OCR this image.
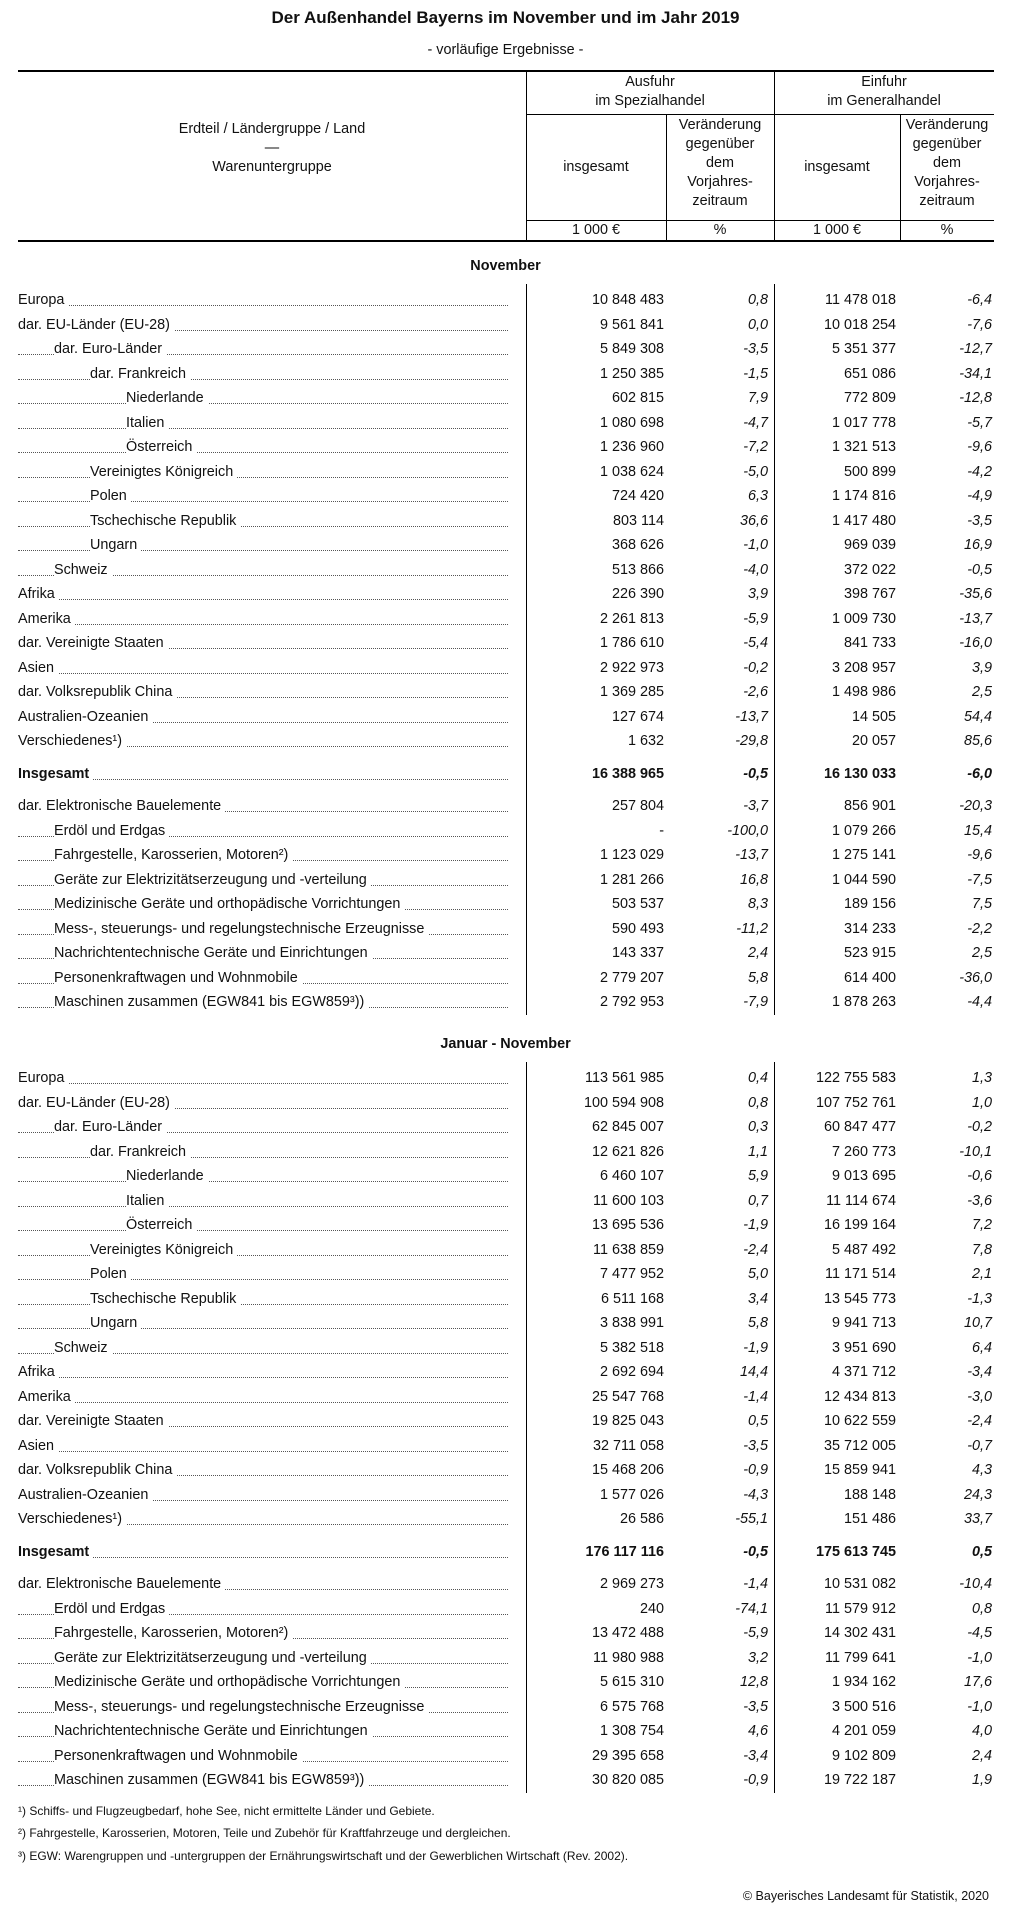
Der Außenhandel Bayerns im November und im Jahr 2019
- vorläufige Ergebnisse -
Erdteil / Ländergruppe / Land
—
Warenuntergruppe
Ausfuhr
im Spezialhandel
Einfuhr
im Generalhandel
insgesamt
Veränderung
gegenüber
dem
Vorjahres-
zeitraum
insgesamt
Veränderung
gegenüber
dem
Vorjahres-
zeitraum
1 000 €	%	1 000 €	%
November
Europa	10 848 483	0,8	11 478 018	-6,4
dar. EU-Länder (EU-28)	9 561 841	0,0	10 018 254	-7,6
dar. Euro-Länder	5 849 308	-3,5	5 351 377	-12,7
dar. Frankreich	1 250 385	-1,5	651 086	-34,1
Niederlande	602 815	7,9	772 809	-12,8
Italien	1 080 698	-4,7	1 017 778	-5,7
Österreich	1 236 960	-7,2	1 321 513	-9,6
Vereinigtes Königreich	1 038 624	-5,0	500 899	-4,2
Polen	724 420	6,3	1 174 816	-4,9
Tschechische Republik	803 114	36,6	1 417 480	-3,5
Ungarn	368 626	-1,0	969 039	16,9
Schweiz	513 866	-4,0	372 022	-0,5
Afrika	226 390	3,9	398 767	-35,6
Amerika	2 261 813	-5,9	1 009 730	-13,7
dar. Vereinigte Staaten	1 786 610	-5,4	841 733	-16,0
Asien	2 922 973	-0,2	3 208 957	3,9
dar. Volksrepublik China	1 369 285	-2,6	1 498 986	2,5
Australien-Ozeanien	127 674	-13,7	14 505	54,4
Verschiedenes¹)	1 632	-29,8	20 057	85,6
Insgesamt	16 388 965	-0,5	16 130 033	-6,0
dar. Elektronische Bauelemente	257 804	-3,7	856 901	-20,3
Erdöl und Erdgas	-	-100,0	1 079 266	15,4
Fahrgestelle, Karosserien, Motoren²)	1 123 029	-13,7	1 275 141	-9,6
Geräte zur Elektrizitätserzeugung und -verteilung	1 281 266	16,8	1 044 590	-7,5
Medizinische Geräte und orthopädische Vorrichtungen	503 537	8,3	189 156	7,5
Mess-, steuerungs- und regelungstechnische Erzeugnisse	590 493	-11,2	314 233	-2,2
Nachrichtentechnische Geräte und Einrichtungen	143 337	2,4	523 915	2,5
Personenkraftwagen und Wohnmobile	2 779 207	5,8	614 400	-36,0
Maschinen zusammen (EGW841 bis EGW859³))	2 792 953	-7,9	1 878 263	-4,4
Januar - November
Europa	113 561 985	0,4	122 755 583	1,3
dar. EU-Länder (EU-28)	100 594 908	0,8	107 752 761	1,0
dar. Euro-Länder	62 845 007	0,3	60 847 477	-0,2
dar. Frankreich	12 621 826	1,1	7 260 773	-10,1
Niederlande	6 460 107	5,9	9 013 695	-0,6
Italien	11 600 103	0,7	11 114 674	-3,6
Österreich	13 695 536	-1,9	16 199 164	7,2
Vereinigtes Königreich	11 638 859	-2,4	5 487 492	7,8
Polen	7 477 952	5,0	11 171 514	2,1
Tschechische Republik	6 511 168	3,4	13 545 773	-1,3
Ungarn	3 838 991	5,8	9 941 713	10,7
Schweiz	5 382 518	-1,9	3 951 690	6,4
Afrika	2 692 694	14,4	4 371 712	-3,4
Amerika	25 547 768	-1,4	12 434 813	-3,0
dar. Vereinigte Staaten	19 825 043	0,5	10 622 559	-2,4
Asien	32 711 058	-3,5	35 712 005	-0,7
dar. Volksrepublik China	15 468 206	-0,9	15 859 941	4,3
Australien-Ozeanien	1 577 026	-4,3	188 148	24,3
Verschiedenes¹)	26 586	-55,1	151 486	33,7
Insgesamt	176 117 116	-0,5	175 613 745	0,5
dar. Elektronische Bauelemente	2 969 273	-1,4	10 531 082	-10,4
Erdöl und Erdgas	240	-74,1	11 579 912	0,8
Fahrgestelle, Karosserien, Motoren²)	13 472 488	-5,9	14 302 431	-4,5
Geräte zur Elektrizitätserzeugung und -verteilung	11 980 988	3,2	11 799 641	-1,0
Medizinische Geräte und orthopädische Vorrichtungen	5 615 310	12,8	1 934 162	17,6
Mess-, steuerungs- und regelungstechnische Erzeugnisse	6 575 768	-3,5	3 500 516	-1,0
Nachrichtentechnische Geräte und Einrichtungen	1 308 754	4,6	4 201 059	4,0
Personenkraftwagen und Wohnmobile	29 395 658	-3,4	9 102 809	2,4
Maschinen zusammen (EGW841 bis EGW859³))	30 820 085	-0,9	19 722 187	1,9
¹) Schiffs- und Flugzeugbedarf, hohe See, nicht ermittelte Länder und Gebiete.
²) Fahrgestelle, Karosserien, Motoren, Teile und Zubehör für Kraftfahrzeuge und dergleichen.
³) EGW: Warengruppen und -untergruppen der Ernährungswirtschaft und der Gewerblichen Wirtschaft (Rev. 2002).
© Bayerisches Landesamt für Statistik, 2020
